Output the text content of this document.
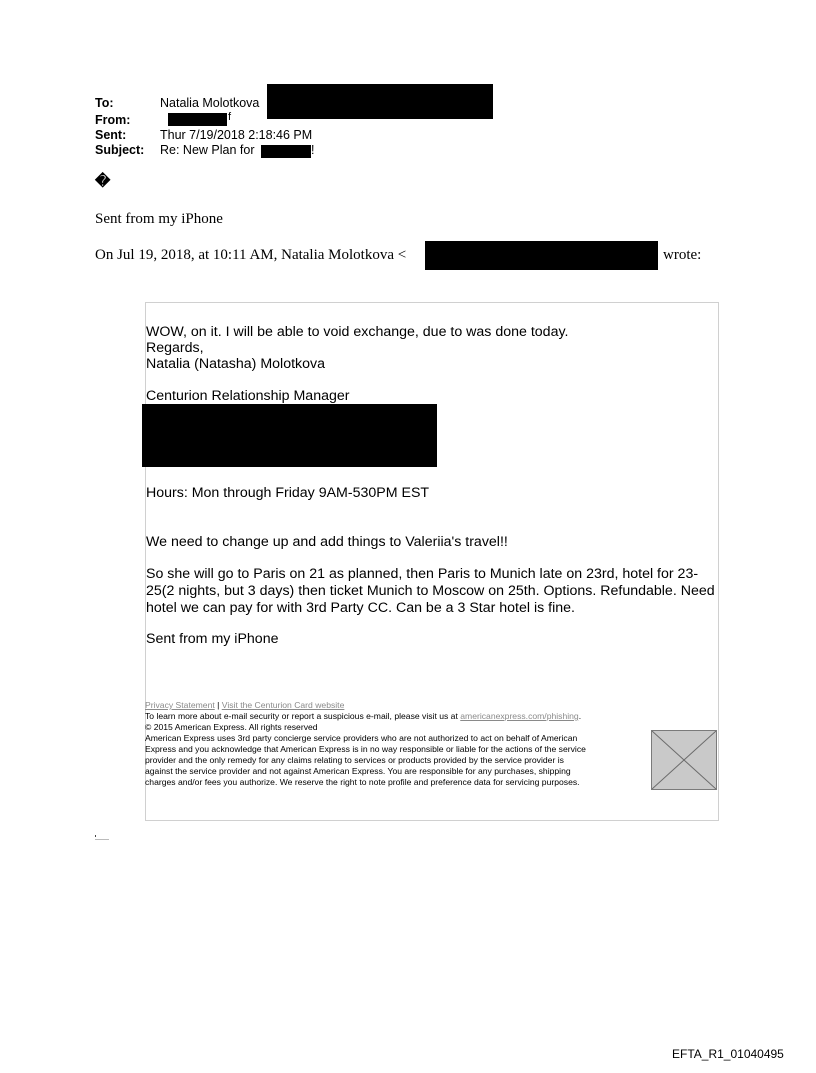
To:	Natalia Molotkova
From:	f
Sent:	Thur 7/19/2018 2:18:46 PM
Subject: Re: New Plan for	!
�
Sent from my iPhone
On Jul 19, 2018, at 10:11 AM, Natalia Molotkova <	wrote:
WOW, on it. I will be able to void exchange, due to was done today.
Regards,
Natalia (Natasha) Molotkova
Centurion Relationship Manager
Hours: Mon through Friday 9AM-530PM EST
We need to change up and add things to Valeriia's travel!!
So she will go to Paris on 21 as planned, then Paris to Munich late on 23rd, hotel for 23-
25(2 nights, but 3 days) then ticket Munich to Moscow on 25th. Options. Refundable. Need
hotel we can pay for with 3rd Party CC. Can be a 3 Star hotel is fine.
Sent from my iPhone
Privacy Statement | Visit the Centurion Card website
To learn more about e-mail security or report a suspicious e-mail, please visit us at americanexpress.com/phishing.
© 2015 American Express. All rights reserved
American Express uses 3rd party concierge service providers who are not authorized to act on behalf of American
Express and you acknowledge that American Express is in no way responsible or liable for the actions of the service
provider and the only remedy for any claims relating to services or products provided by the service provider is
against the service provider and not against American Express. You are responsible for any purchases, shipping
charges and/or fees you authorize. We reserve the right to note profile and preference data for servicing purposes.
EFTA_R1_01040495
